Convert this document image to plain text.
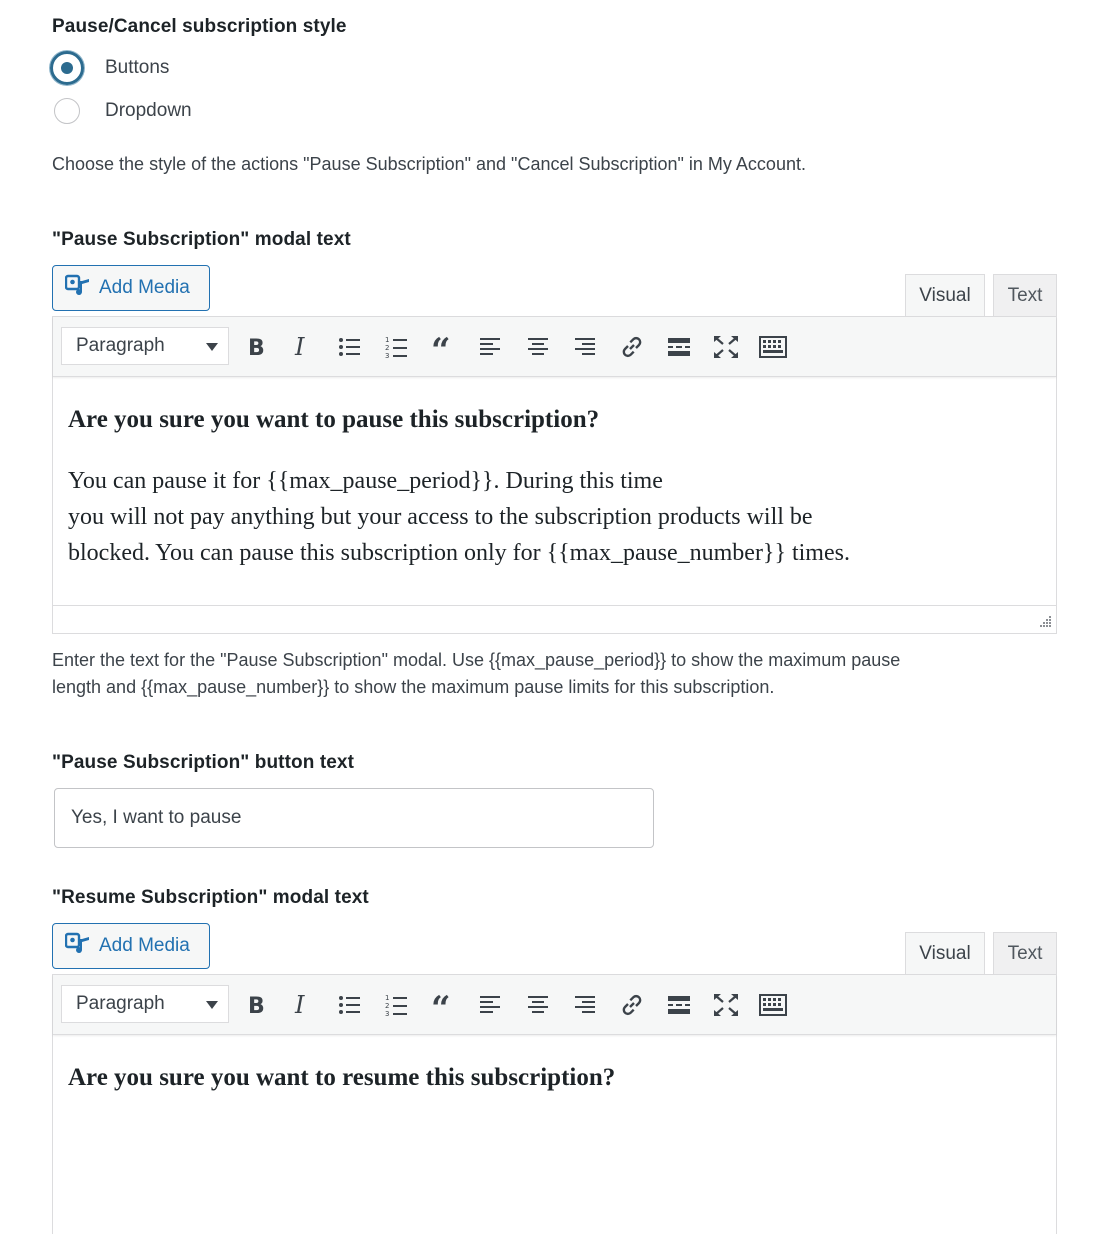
Pause/Cancel subscription style
Buttons
Dropdown
Choose the style of the actions "Pause Subscription" and "Cancel Subscription" in My Account.
"Pause Subscription" modal text
Add Media	Visual	Text
Paragraph	B I	1
2
3 “
Are you sure you want to pause this subscription?

You can pause it for {{max_pause_period}}. During this time
you will not pay anything but your access to the subscription products will be
blocked. You can pause this subscription only for {{max_pause_number}} times.

Enter the text for the "Pause Subscription" modal. Use {{max_pause_period}} to show the maximum pause
length and {{max_pause_number}} to show the maximum pause limits for this subscription.
"Pause Subscription" button text
Yes, I want to pause
"Resume Subscription" modal text
Add Media	Visual	Text
Paragraph	B I	1
2
3 “
Are you sure you want to resume this subscription?
